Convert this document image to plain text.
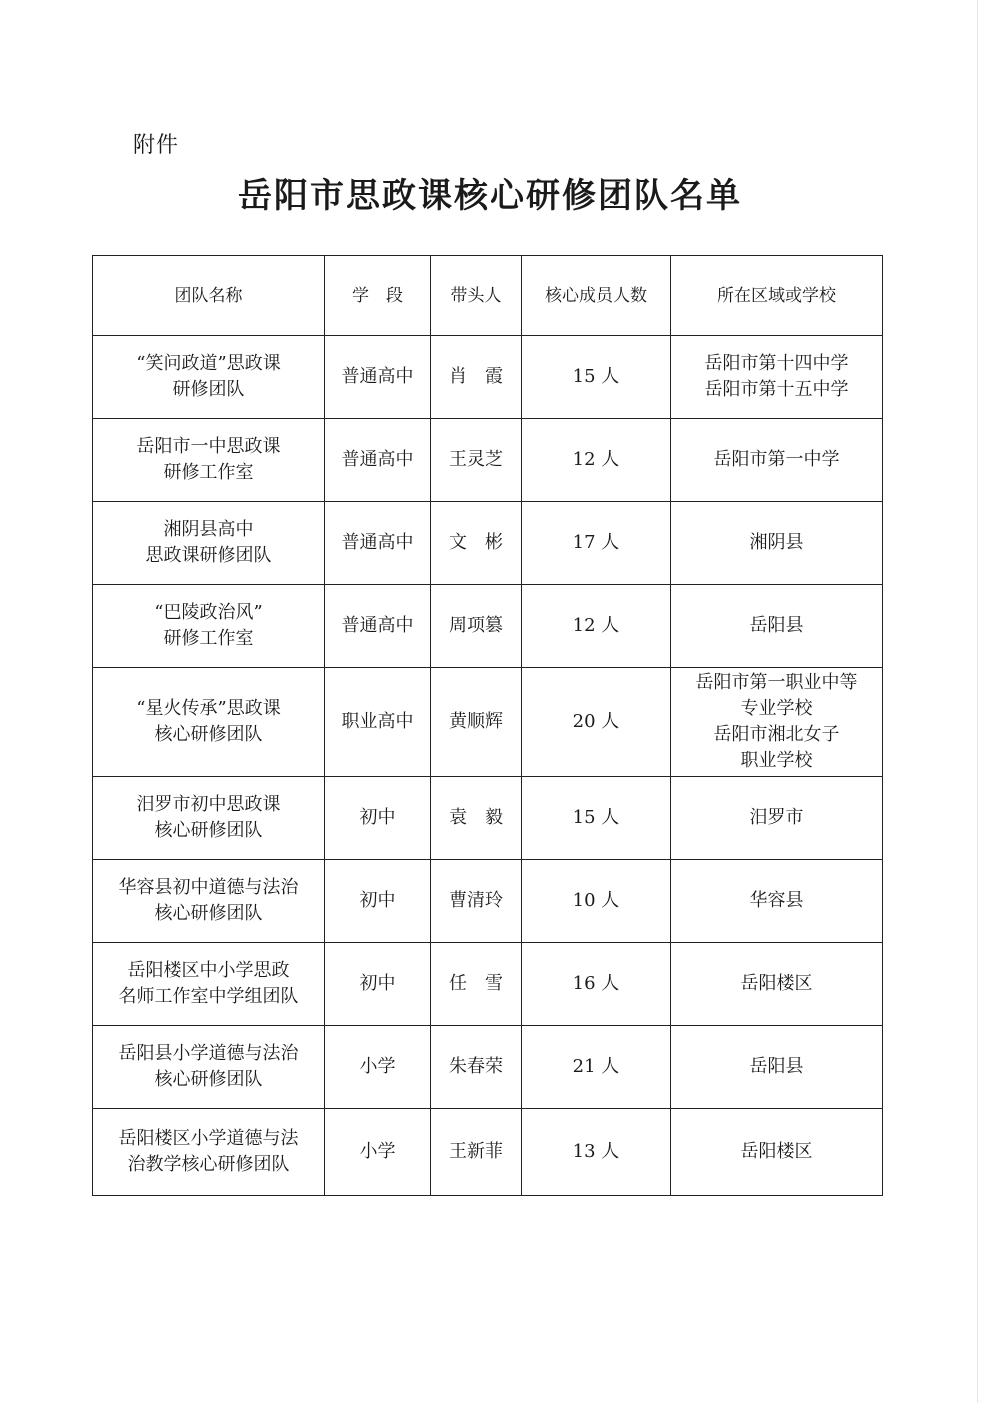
附件
岳阳市思政课核心研修团队名单
团队名称	学　段	带头人	核心成员人数	所在区域或学校

“笑问政道”思政课
研修团队	普通高中	肖　霞	15 人	岳阳市第十四中学
岳阳市第十五中学

岳阳市一中思政课
研修工作室	普通高中	王灵芝	12 人	岳阳市第一中学

湘阴县高中
思政课研修团队	普通高中	文　彬	17 人	湘阴县

“巴陵政治风”
研修工作室	普通高中	周项篡	12 人	岳阳县

“星火传承”思政课
核心研修团队	职业高中	黄顺辉	20 人	岳阳市第一职业中等
专业学校
岳阳市湘北女子
职业学校

汨罗市初中思政课
核心研修团队	初中	袁　毅	15 人	汨罗市

华容县初中道德与法治
核心研修团队	初中	曹清玲	10 人	华容县

岳阳楼区中小学思政
名师工作室中学组团队	初中	任　雪	16 人	岳阳楼区

岳阳县小学道德与法治
核心研修团队	小学	朱春荣	21 人	岳阳县

岳阳楼区小学道德与法
治教学核心研修团队	小学	王新菲	13 人	岳阳楼区
